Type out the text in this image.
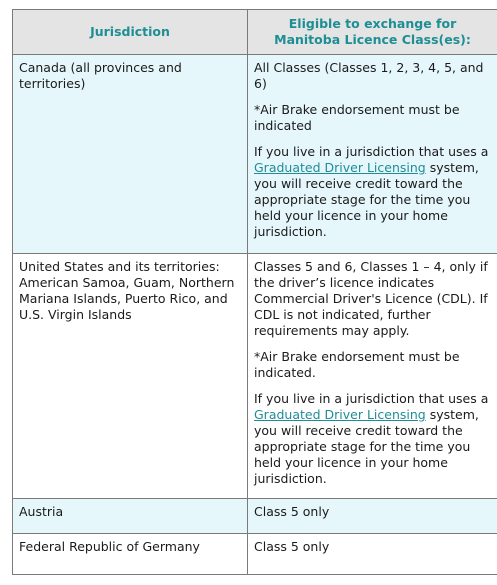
Jurisdiction	Eligible to exchange for
Manitoba Licence Class(es):
Canada (all provinces and territories)	All Classes (Classes 1, 2, 3, 4, 5, and 6)

*Air Brake endorsement must be indicated

If you live in a jurisdiction that uses a Graduated Driver Licensing system, you will receive credit toward the appropriate stage for the time you held your licence in your home jurisdiction.

United States and its territories: American Samoa, Guam, Northern Mariana Islands, Puerto Rico, and U.S. Virgin Islands	Classes 5 and 6, Classes 1 – 4, only if the driver’s licence indicates Commercial Driver's Licence (CDL). If CDL is not indicated, further requirements may apply.

*Air Brake endorsement must be indicated.

If you live in a jurisdiction that uses a Graduated Driver Licensing system, you will receive credit toward the appropriate stage for the time you held your licence in your home jurisdiction.

Austria	Class 5 only
Federal Republic of Germany	Class 5 only
